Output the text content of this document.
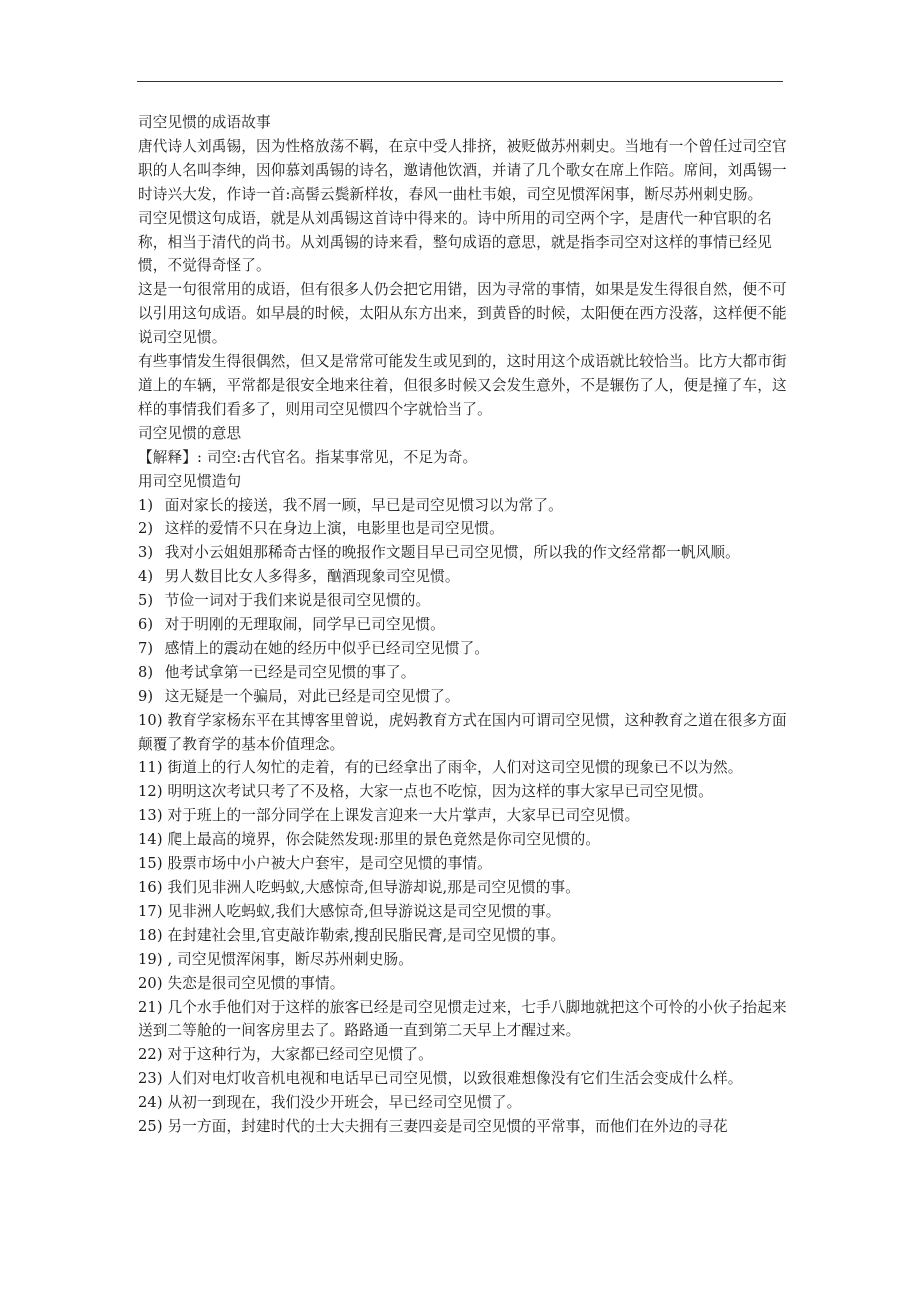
司空见惯的成语故事

唐代诗人刘禹锡，因为性格放荡不羁，在京中受人排挤，被贬做苏州刺史。当地有一个曾任过司空官职的人名叫李绅，因仰慕刘禹锡的诗名，邀请他饮酒，并请了几个歌女在席上作陪。席间，刘禹锡一时诗兴大发，作诗一首:高髻云鬓新样妆，春风一曲杜韦娘，司空见惯浑闲事，断尽苏州刺史肠。

司空见惯这句成语，就是从刘禹锡这首诗中得来的。诗中所用的司空两个字，是唐代一种官职的名称，相当于清代的尚书。从刘禹锡的诗来看，整句成语的意思，就是指李司空对这样的事情已经见惯，不觉得奇怪了。

这是一句很常用的成语，但有很多人仍会把它用错，因为寻常的事情，如果是发生得很自然，便不可以引用这句成语。如早晨的时候，太阳从东方出来，到黄昏的时候，太阳便在西方没落，这样便不能说司空见惯。

有些事情发生得很偶然，但又是常常可能发生或见到的，这时用这个成语就比较恰当。比方大都市街道上的车辆，平常都是很安全地来往着，但很多时候又会发生意外，不是辗伤了人，便是撞了车，这样的事情我们看多了，则用司空见惯四个字就恰当了。

司空见惯的意思

【解释】: 司空:古代官名。指某事常见，不足为奇。

用司空见惯造句

1) 面对家长的接送，我不屑一顾，早已是司空见惯习以为常了。

2) 这样的爱情不只在身边上演，电影里也是司空见惯。

3) 我对小云姐姐那稀奇古怪的晚报作文题目早已司空见惯，所以我的作文经常都一帆风顺。

4) 男人数目比女人多得多，酗酒现象司空见惯。

5) 节俭一词对于我们来说是很司空见惯的。

6) 对于明刚的无理取闹，同学早已司空见惯。

7) 感情上的震动在她的经历中似乎已经司空见惯了。

8) 他考试拿第一已经是司空见惯的事了。

9) 这无疑是一个骗局，对此已经是司空见惯了。

10) 教育学家杨东平在其博客里曾说，虎妈教育方式在国内可谓司空见惯，这种教育之道在很多方面颠覆了教育学的基本价值理念。

11) 街道上的行人匆忙的走着，有的已经拿出了雨伞，人们对这司空见惯的现象已不以为然。

12) 明明这次考试只考了不及格，大家一点也不吃惊，因为这样的事大家早已司空见惯。

13) 对于班上的一部分同学在上课发言迎来一大片掌声，大家早已司空见惯。

14) 爬上最高的境界，你会陡然发现:那里的景色竟然是你司空见惯的。

15) 股票市场中小户被大户套牢，是司空见惯的事情。

16) 我们见非洲人吃蚂蚁,大感惊奇,但导游却说,那是司空见惯的事。

17) 见非洲人吃蚂蚁,我们大感惊奇,但导游说这是司空见惯的事。

18) 在封建社会里,官吏敲诈勒索,搜刮民脂民膏,是司空见惯的事。

19) , 司空见惯浑闲事，断尽苏州刺史肠。

20) 失恋是很司空见惯的事情。

21) 几个水手他们对于这样的旅客已经是司空见惯走过来，七手八脚地就把这个可怜的小伙子抬起来送到二等舱的一间客房里去了。路路通一直到第二天早上才醒过来。

22) 对于这种行为，大家都已经司空见惯了。

23) 人们对电灯收音机电视和电话早已司空见惯，以致很难想像没有它们生活会变成什么样。

24) 从初一到现在，我们没少开班会，早已经司空见惯了。

25) 另一方面，封建时代的士大夫拥有三妻四妾是司空见惯的平常事，而他们在外边的寻花
